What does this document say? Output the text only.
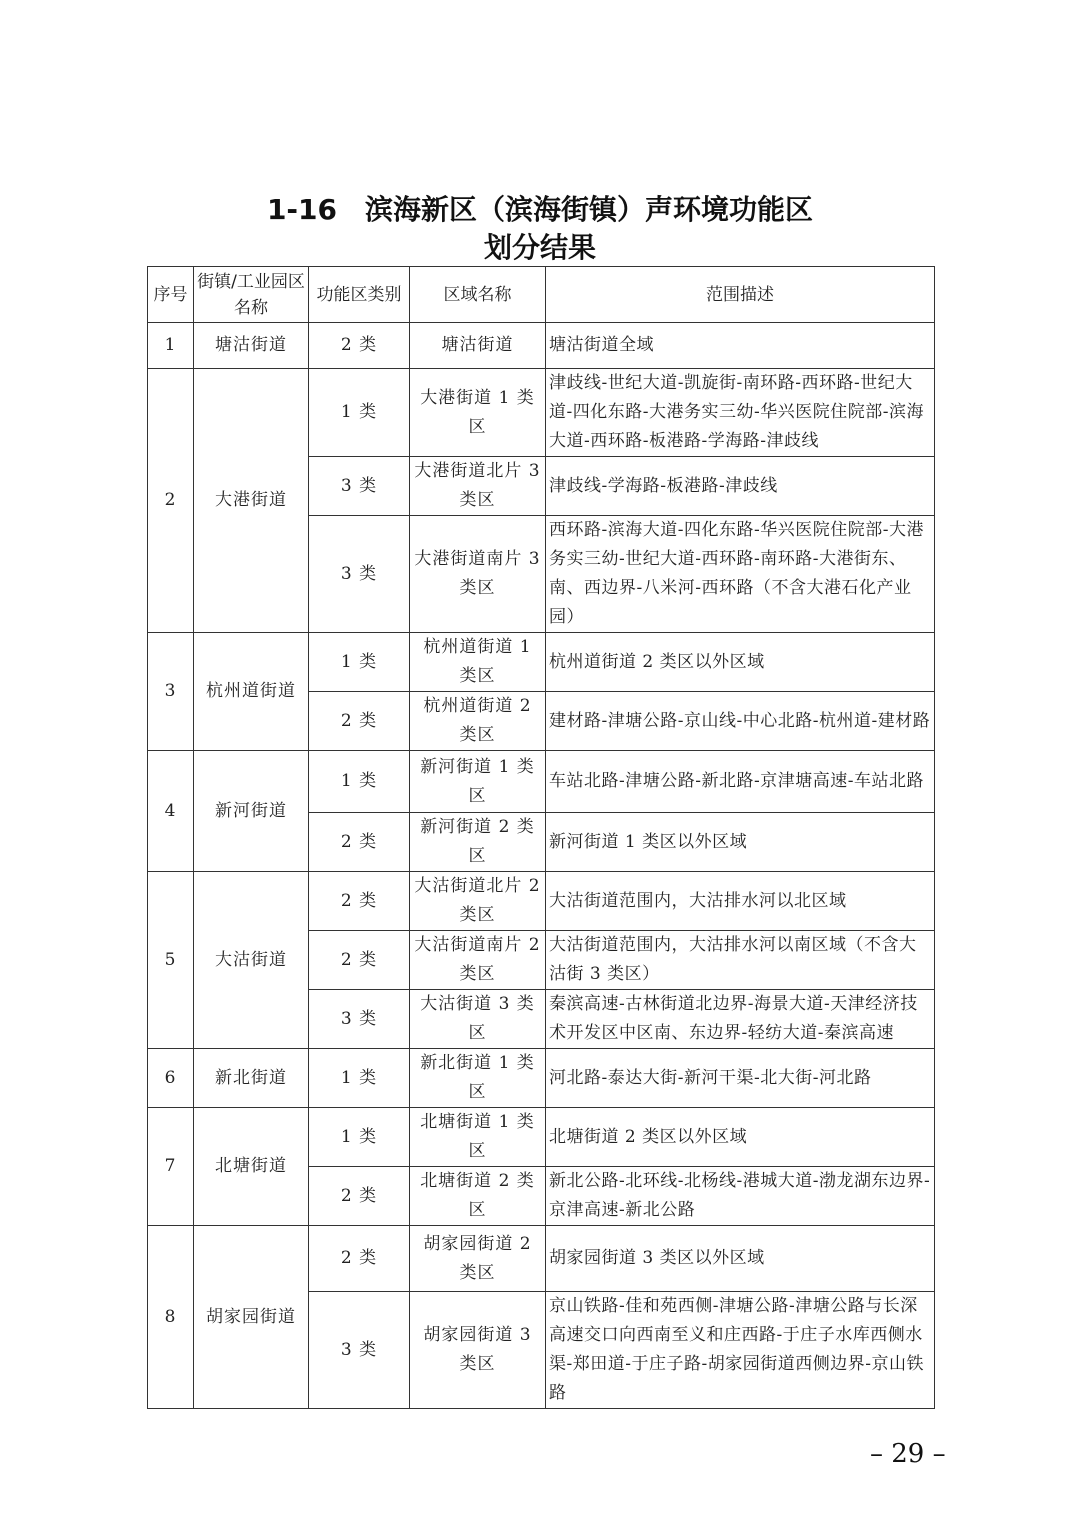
1-16　滨海新区（滨海街镇）声环境功能区
划分结果
序号	街镇/工业园区名称	功能区类别	区域名称	范围描述
1	塘沽街道	2 类	塘沽街道	塘沽街道全域
2	大港街道	1 类	大港街道 1 类区	津歧线-世纪大道-凯旋街-南环路-西环路-世纪大道-四化东路-大港务实三幼-华兴医院住院部-滨海大道-西环路-板港路-学海路-津歧线
		3 类	大港街道北片 3 类区	津歧线-学海路-板港路-津歧线
		3 类	大港街道南片 3 类区	西环路-滨海大道-四化东路-华兴医院住院部-大港务实三幼-世纪大道-西环路-南环路-大港街东、南、西边界-八米河-西环路（不含大港石化产业园）
3	杭州道街道	1 类	杭州道街道 1 类区	杭州道街道 2 类区以外区域
		2 类	杭州道街道 2 类区	建材路-津塘公路-京山线-中心北路-杭州道-建材路
4	新河街道	1 类	新河街道 1 类区	车站北路-津塘公路-新北路-京津塘高速-车站北路
		2 类	新河街道 2 类区	新河街道 1 类区以外区域
5	大沽街道	2 类	大沽街道北片 2 类区	大沽街道范围内，大沽排水河以北区域
		2 类	大沽街道南片 2 类区	大沽街道范围内，大沽排水河以南区域（不含大沽街 3 类区）
		3 类	大沽街道 3 类区	秦滨高速-古林街道北边界-海景大道-天津经济技术开发区中区南、东边界-轻纺大道-秦滨高速
6	新北街道	1 类	新北街道 1 类区	河北路-泰达大街-新河干渠-北大街-河北路
7	北塘街道	1 类	北塘街道 1 类区	北塘街道 2 类区以外区域
		2 类	北塘街道 2 类区	新北公路-北环线-北杨线-港城大道-渤龙湖东边界-京津高速-新北公路
8	胡家园街道	2 类	胡家园街道 2 类区	胡家园街道 3 类区以外区域
		3 类	胡家园街道 3 类区	京山铁路-佳和苑西侧-津塘公路-津塘公路与长深高速交口向西南至义和庄西路-于庄子水库西侧水渠-郑田道-于庄子路-胡家园街道西侧边界-京山铁路
– 29 –
